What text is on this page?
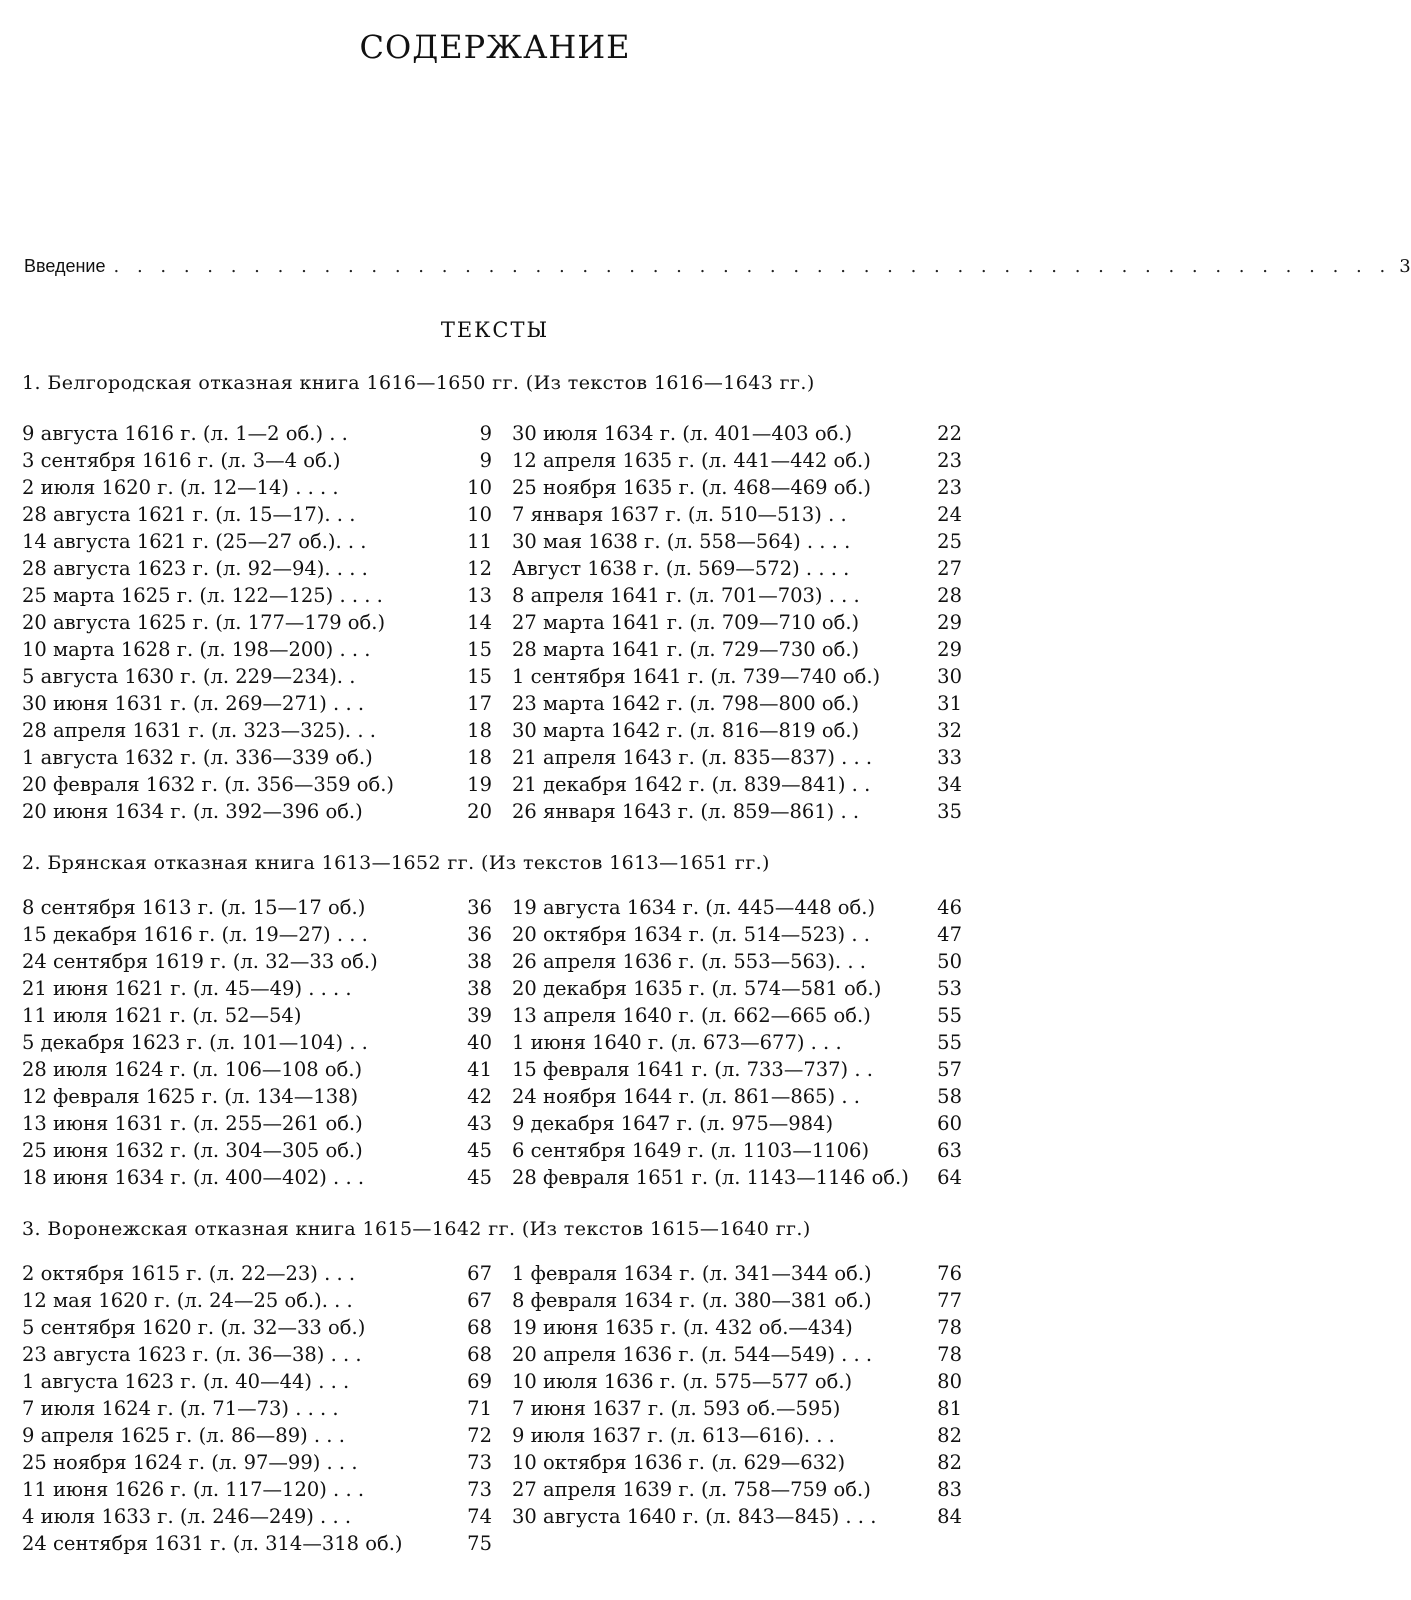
СОДЕРЖАНИЕ
Введение . . . . . . . . . . . . . . . . . . . . . . . . . . . . . . . . . . . . . . . . . . . . . . . . . . . . . . . 3
ТЕКСТЫ
1. Белгородская отказная книга 1616—1650 гг. (Из текстов 1616—1643 гг.)
9 августа 1616 г. (л. 1—2 об.) . .	9
3 сентября 1616 г. (л. 3—4 об.)	9
2 июля 1620 г. (л. 12—14) . . . .	10
28 августа 1621 г. (л. 15—17). . .	10
14 августа 1621 г. (25—27 об.). . .	11
28 августа 1623 г. (л. 92—94). . . .	12
25 марта 1625 г. (л. 122—125) . . . .	13
20 августа 1625 г. (л. 177—179 об.)	14
10 марта 1628 г. (л. 198—200) . . .	15
5 августа 1630 г. (л. 229—234). .	15
30 июня 1631 г. (л. 269—271) . . .	17
28 апреля 1631 г. (л. 323—325). . .	18
1 августа 1632 г. (л. 336—339 об.)	18
20 февраля 1632 г. (л. 356—359 об.)	19
20 июня 1634 г. (л. 392—396 об.)	20
30 июля 1634 г. (л. 401—403 об.)	22
12 апреля 1635 г. (л. 441—442 об.)	23
25 ноября 1635 г. (л. 468—469 об.)	23
7 января 1637 г. (л. 510—513) . .	24
30 мая 1638 г. (л. 558—564) . . . .	25
Август 1638 г. (л. 569—572) . . . .	27
8 апреля 1641 г. (л. 701—703) . . .	28
27 марта 1641 г. (л. 709—710 об.)	29
28 марта 1641 г. (л. 729—730 об.)	29
1 сентября 1641 г. (л. 739—740 об.)	30
23 марта 1642 г. (л. 798—800 об.)	31
30 марта 1642 г. (л. 816—819 об.)	32
21 апреля 1643 г. (л. 835—837) . . .	33
21 декабря 1642 г. (л. 839—841) . .	34
26 января 1643 г. (л. 859—861) . .	35
2. Брянская отказная книга 1613—1652 гг. (Из текстов 1613—1651 гг.)
8 сентября 1613 г. (л. 15—17 об.)	36
15 декабря 1616 г. (л. 19—27) . . .	36
24 сентября 1619 г. (л. 32—33 об.)	38
21 июня 1621 г. (л. 45—49) . . . .	38
11 июля 1621 г. (л. 52—54)	39
5 декабря 1623 г. (л. 101—104) . .	40
28 июля 1624 г. (л. 106—108 об.)	41
12 февраля 1625 г. (л. 134—138)	42
13 июня 1631 г. (л. 255—261 об.)	43
25 июня 1632 г. (л. 304—305 об.)	45
18 июня 1634 г. (л. 400—402) . . .	45
19 августа 1634 г. (л. 445—448 об.)	46
20 октября 1634 г. (л. 514—523) . .	47
26 апреля 1636 г. (л. 553—563). . .	50
20 декабря 1635 г. (л. 574—581 об.)	53
13 апреля 1640 г. (л. 662—665 об.)	55
1 июня 1640 г. (л. 673—677) . . .	55
15 февраля 1641 г. (л. 733—737) . .	57
24 ноября 1644 г. (л. 861—865) . .	58
9 декабря 1647 г. (л. 975—984)	60
6 сентября 1649 г. (л. 1103—1106)	63
28 февраля 1651 г. (л. 1143—1146 об.)	64
3. Воронежская отказная книга 1615—1642 гг. (Из текстов 1615—1640 гг.)
2 октября 1615 г. (л. 22—23) . . .	67
12 мая 1620 г. (л. 24—25 об.). . .	67
5 сентября 1620 г. (л. 32—33 об.)	68
23 августа 1623 г. (л. 36—38) . . .	68
1 августа 1623 г. (л. 40—44) . . .	69
7 июля 1624 г. (л. 71—73) . . . .	71
9 апреля 1625 г. (л. 86—89) . . .	72
25 ноября 1624 г. (л. 97—99) . . .	73
11 июня 1626 г. (л. 117—120) . . .	73
4 июля 1633 г. (л. 246—249) . . .	74
24 сентября 1631 г. (л. 314—318 об.)	75
1 февраля 1634 г. (л. 341—344 об.)	76
8 февраля 1634 г. (л. 380—381 об.)	77
19 июня 1635 г. (л. 432 об.—434)	78
20 апреля 1636 г. (л. 544—549) . . .	78
10 июля 1636 г. (л. 575—577 об.)	80
7 июня 1637 г. (л. 593 об.—595)	81
9 июля 1637 г. (л. 613—616). . .	82
10 октября 1636 г. (л. 629—632)	82
27 апреля 1639 г. (л. 758—759 об.)	83
30 августа 1640 г. (л. 843—845) . . .	84
